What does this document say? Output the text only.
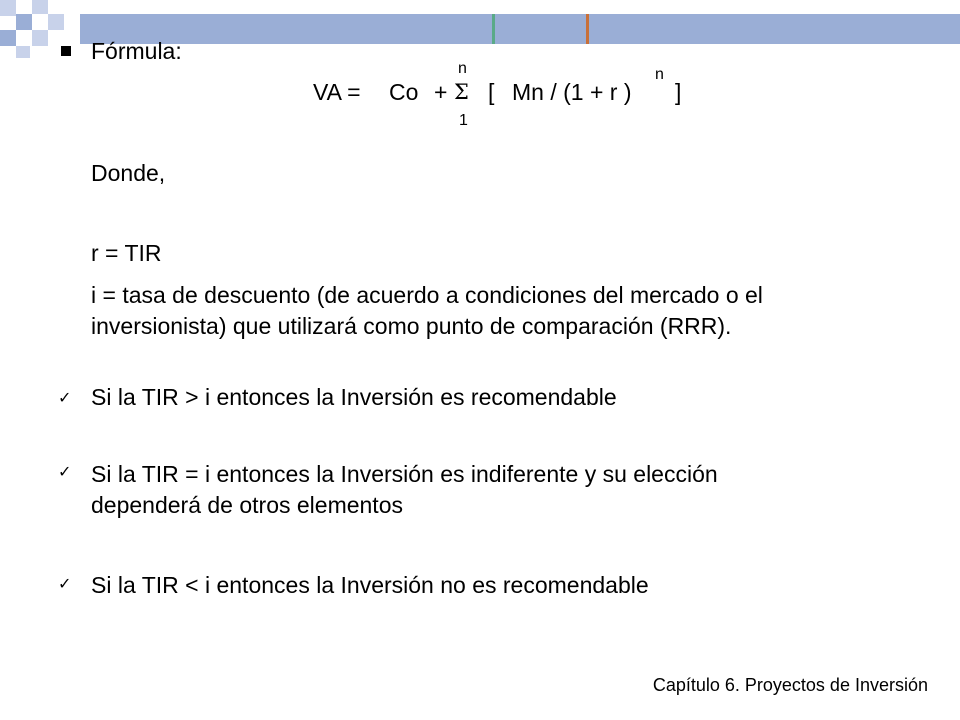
Fórmula:
VA = Co +
n
Σ
1
[ Mn / (1 + r )
n
]
Donde,
r = TIR
i = tasa de descuento (de acuerdo a condiciones del mercado o el
inversionista) que utilizará como punto de comparación (RRR).
✓ Si la TIR > i entonces la Inversión es recomendable
✓ Si la TIR = i entonces la Inversión es indiferente y su elección
dependerá de otros elementos
✓ Si la TIR < i entonces la Inversión no es recomendable
Capítulo 6. Proyectos de Inversión
